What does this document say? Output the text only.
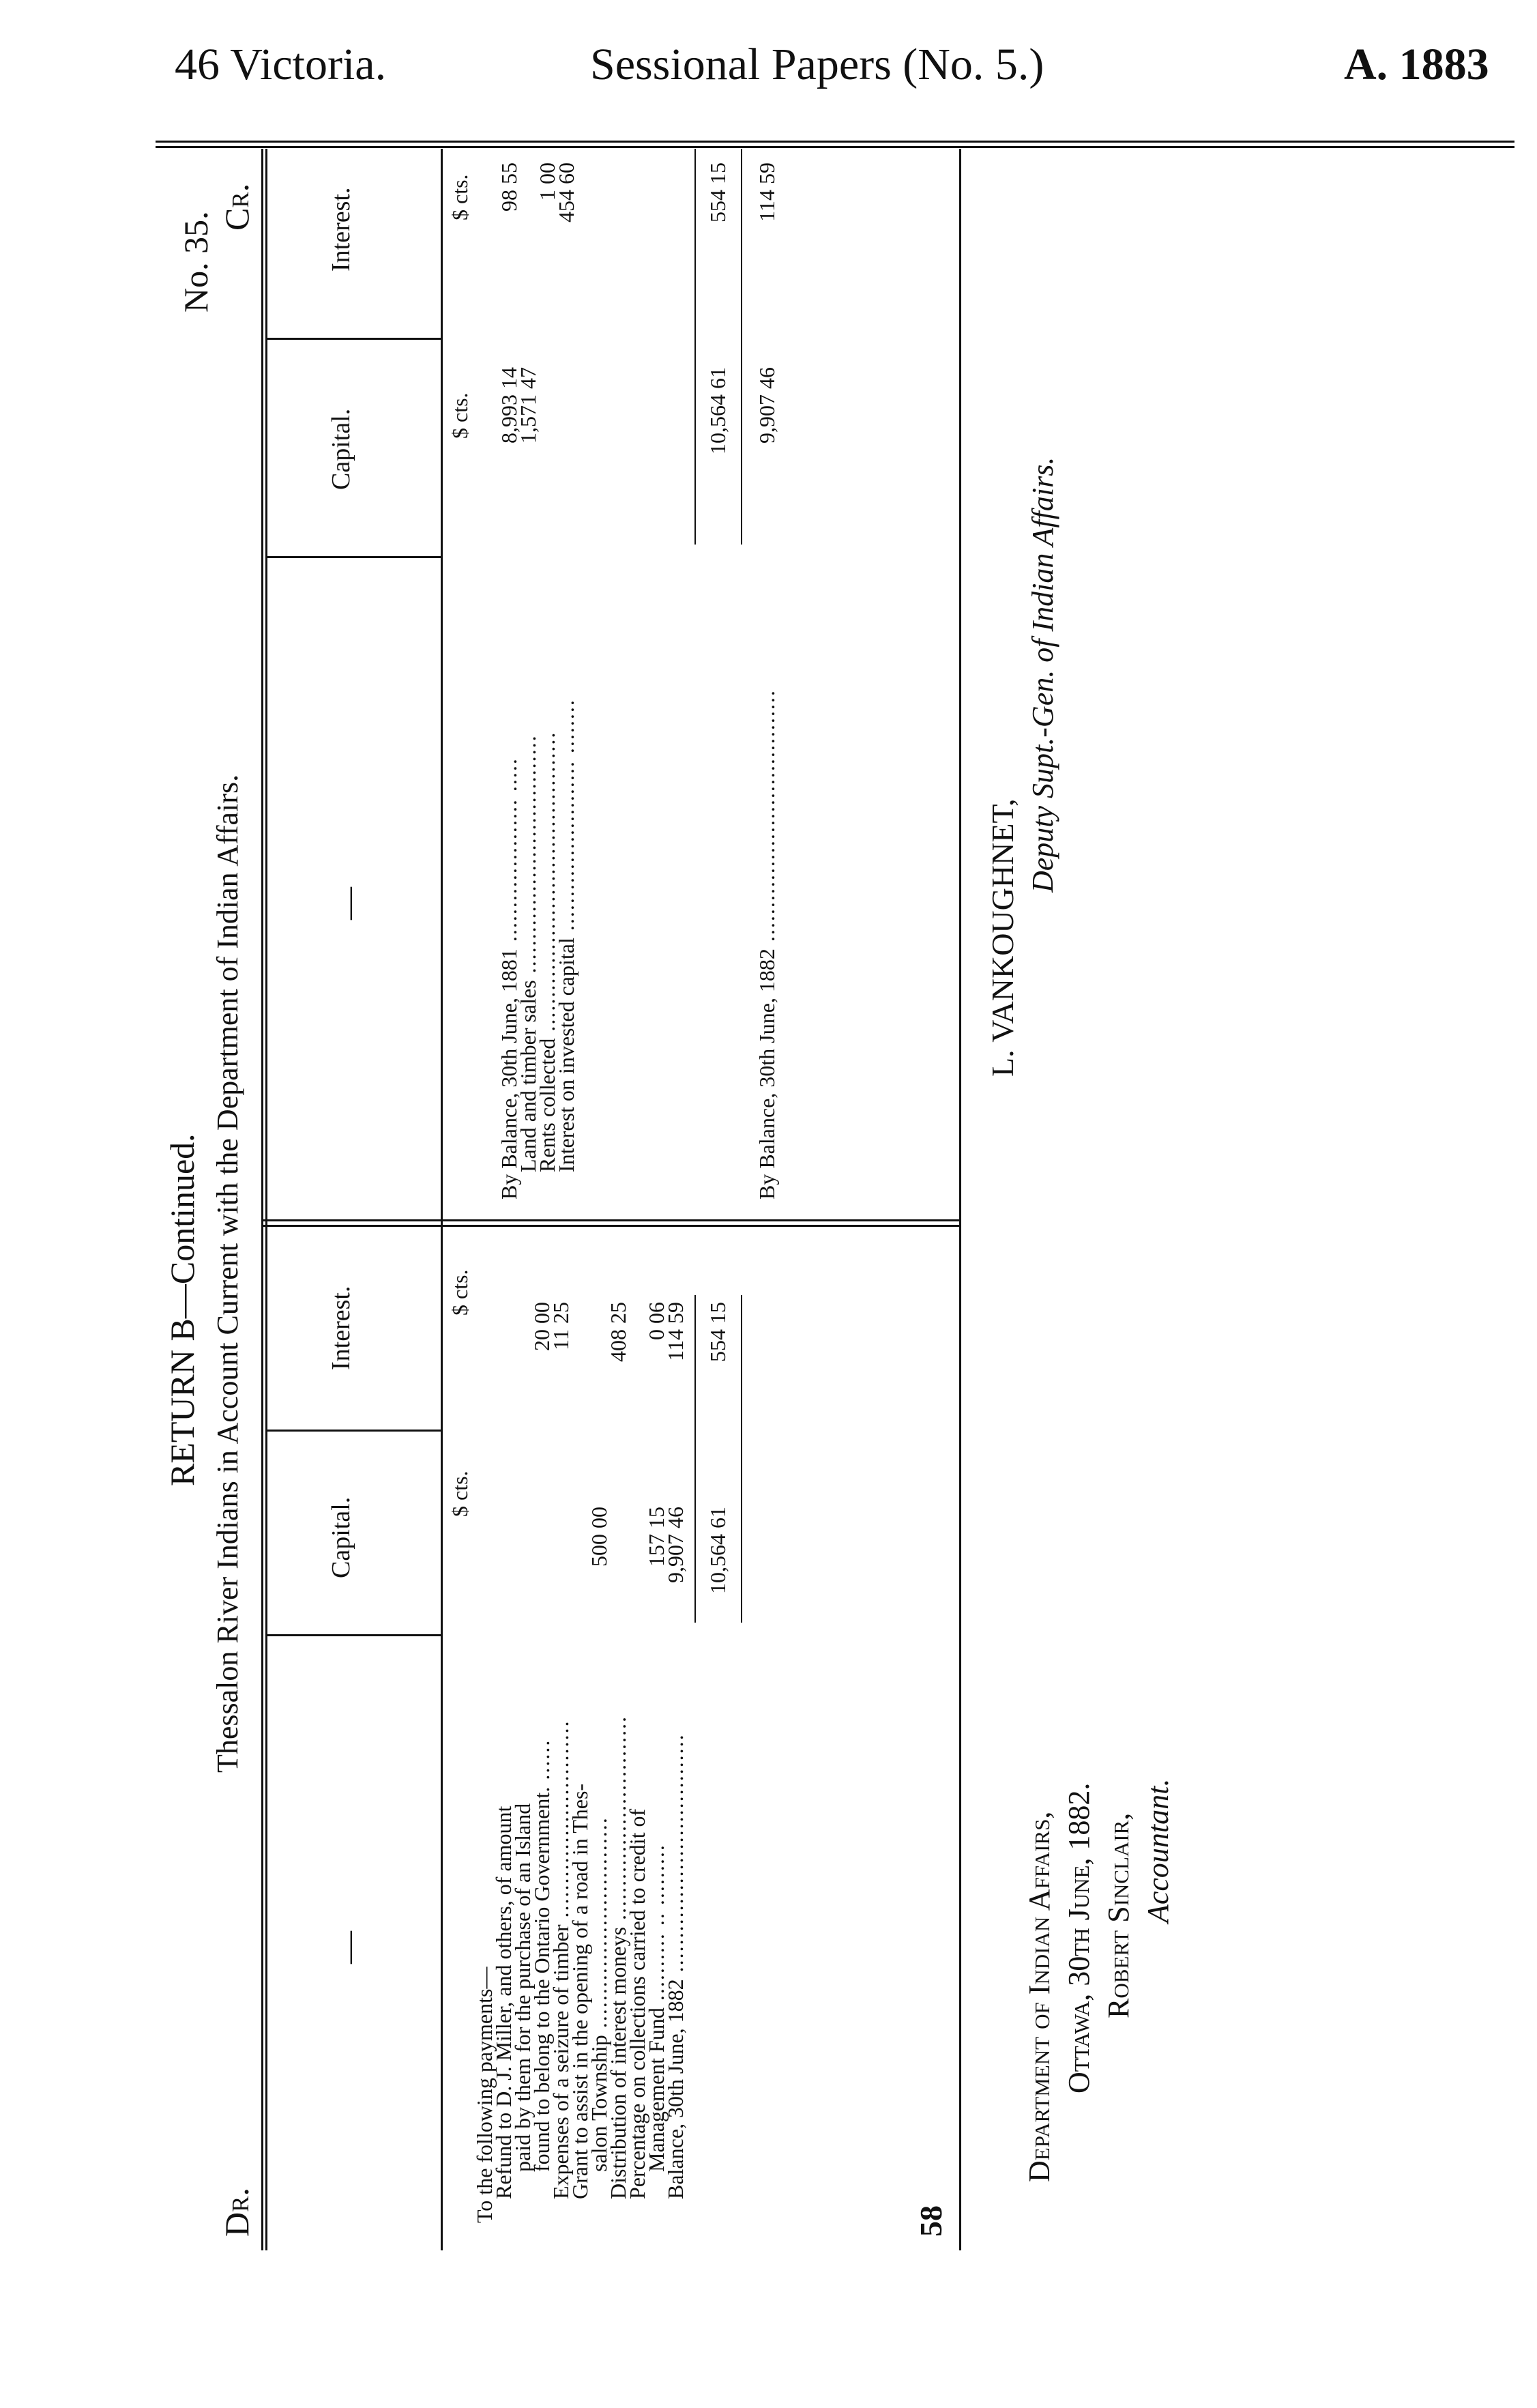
46 Victoria.	Sessional Papers (No. 5.)	A. 1883
RETURN B—Continued. Thessalon River Indians in Account Current with the Department of Indian Affairs.
No. 35.
Dr.
Cr.
—
Capital.
Interest.
—
Capital.
Interest.
$ cts.
$ cts.
$ cts.
$ cts.
To the following payments—
Refund to D. J. Miller, and others, of amount
paid by them for the purchase of an Island
found to belong to the Ontario Government. ......
20 00
Expenses of a seizure of timber .............................
11 25
Grant to assist in the opening of a road in Thes-
salon Township ...............................
500 00
Distribution of interest moneys ..............................
408 25
Percentage on collections carried to credit of
Management Fund .......... .. .........
157 15
0 06
Balance, 30th June, 1882 ...................................
9,907 46
114 59
10,564 61
554 15
By Balance, 30th June, 1881 ..................... .....
8,993 14
98 55
Land and timber sales ...................................
1,571 47
Rents collected ............................................
1 00
Interest on invested capital ......................... ........
454 60
10,564 61
554 15
By Balance, 30th June, 1882 .....................................
9,907 46
114 59
58
L. VANKOUGHNET,
Deputy Supt.-Gen. of Indian Affairs.
Department of Indian Affairs, Ottawa, 30th June, 1882. Robert Sinclair, Accountant.
